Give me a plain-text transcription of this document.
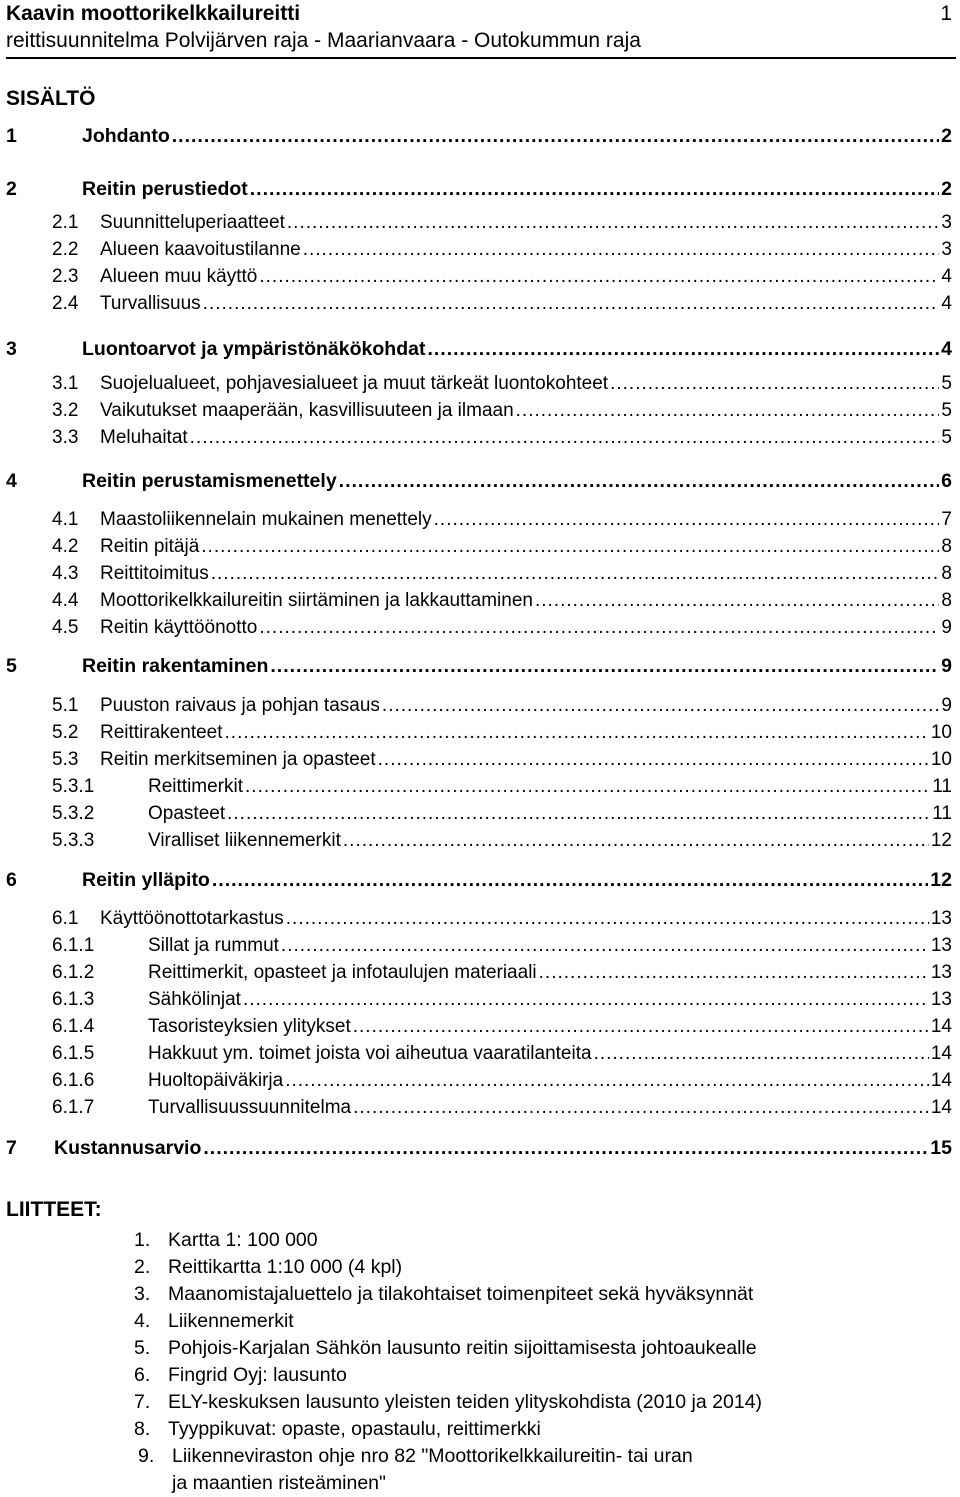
Kaavin moottorikelkkailureitti	1
reittisuunnitelma Polvijärven raja - Maarianvaara - Outokummun raja
SISÄLTÖ
1	Johdanto .....	2
2	Reitin perustiedot .....	2
2.1	Suunnitteluperiaatteet .....	3
2.2	Alueen kaavoitustilanne .....	3
2.3	Alueen muu käyttö .....	4
2.4	Turvallisuus .....	4
3	Luontoarvot ja ympäristönäkökohdat .....	4
3.1	Suojelualueet, pohjavesialueet ja muut tärkeät luontokohteet .....	5
3.2	Vaikutukset maaperään, kasvillisuuteen ja ilmaan .....	5
3.3	Meluhaitat .....	5
4	Reitin perustamismenettely .....	6
4.1	Maastoliikennelain mukainen menettely .....	7
4.2	Reitin pitäjä .....	8
4.3	Reittitoimitus .....	8
4.4	Moottorikelkkailureitin siirtäminen ja lakkauttaminen .....	8
4.5	Reitin käyttöönotto .....	9
5	Reitin rakentaminen .....	9
5.1	Puuston raivaus ja pohjan tasaus .....	9
5.2	Reittirakenteet .....	10
5.3	Reitin merkitseminen ja opasteet .....	10
5.3.1	Reittimerkit .....	11
5.3.2	Opasteet .....	11
5.3.3	Viralliset liikennemerkit .....	12
6	Reitin ylläpito .....	12
6.1	Käyttöönottotarkastus .....	13
6.1.1	Sillat ja rummut .....	13
6.1.2	Reittimerkit, opasteet ja infotaulujen materiaali .....	13
6.1.3	Sähkölinjat .....	13
6.1.4	Tasoristeyksien ylitykset .....	14
6.1.5	Hakkuut ym. toimet joista voi aiheutua vaaratilanteita .....	14
6.1.6	Huoltopäiväkirja .....	14
6.1.7	Turvallisuussuunnitelma .....	14
7	Kustannusarvio .....	15
LIITTEET:
1. Kartta 1: 100 000
2. Reittikartta 1:10 000 (4 kpl)
3. Maanomistajaluettelo ja tilakohtaiset toimenpiteet sekä hyväksynnät
4. Liikennemerkit
5. Pohjois-Karjalan Sähkön lausunto reitin sijoittamisesta johtoaukealle
6. Fingrid Oyj: lausunto
7. ELY-keskuksen lausunto yleisten teiden ylityskohdista (2010 ja 2014)
8. Tyyppikuvat: opaste, opastaulu, reittimerkki
9. Liikenneviraston ohje nro 82 "Moottorikelkkailureitin- tai uran
ja maantien risteäminen"
